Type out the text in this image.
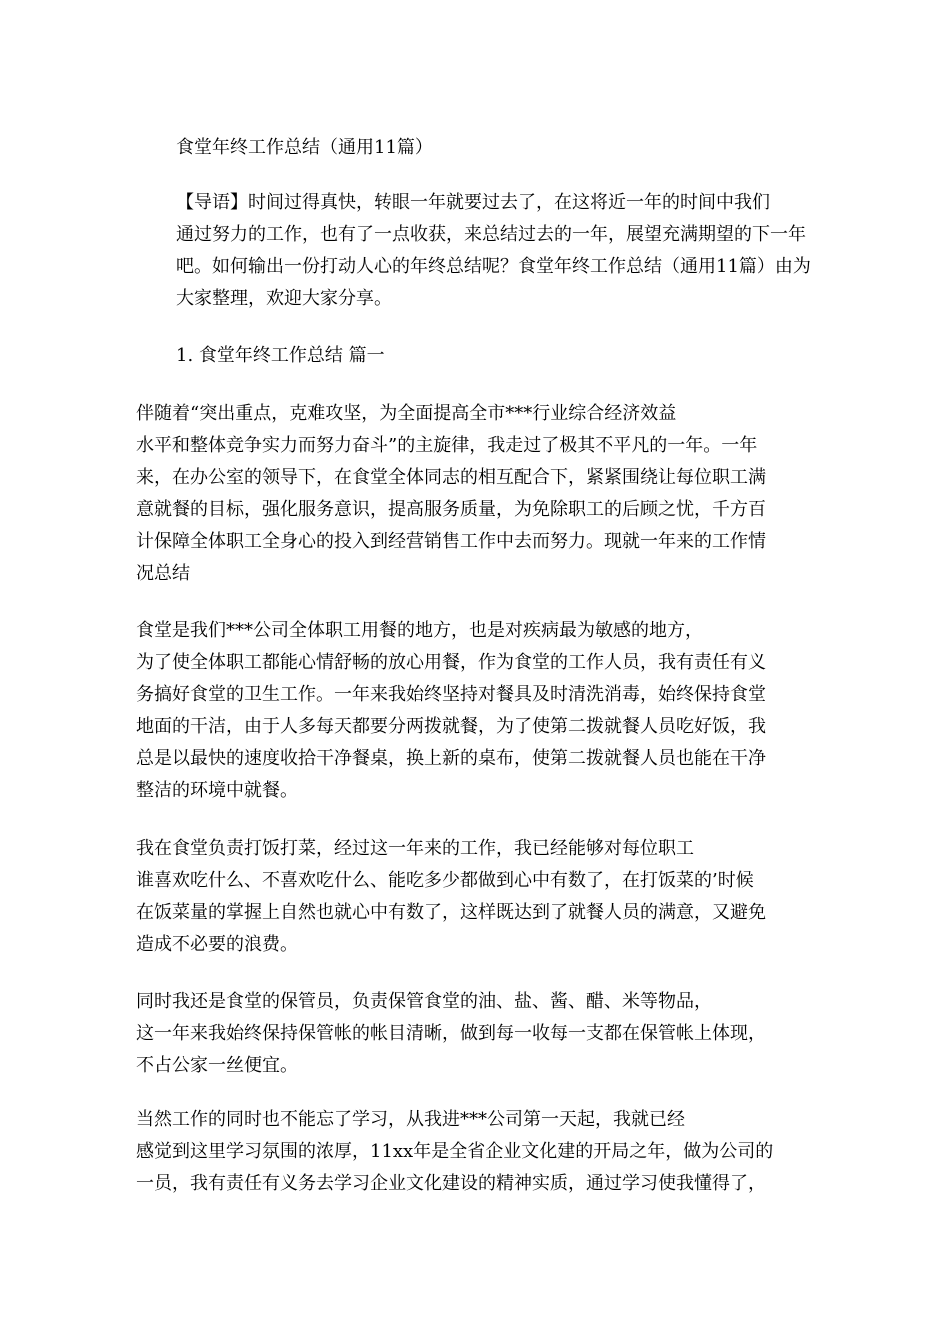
食堂年终工作总结（通用11篇）

【导语】时间过得真快，转眼一年就要过去了，在这将近一年的时间中我们
通过努力的工作，也有了一点收获，来总结过去的一年，展望充满期望的下一年
吧。如何输出一份打动人心的年终总结呢？食堂年终工作总结（通用11篇）由为
大家整理，欢迎大家分享。

1. 食堂年终工作总结 篇一

伴随着“突出重点，克难攻坚，为全面提高全市***行业综合经济效益
水平和整体竞争实力而努力奋斗”的主旋律，我走过了极其不平凡的一年。一年
来，在办公室的领导下，在食堂全体同志的相互配合下，紧紧围绕让每位职工满
意就餐的目标，强化服务意识，提高服务质量，为免除职工的后顾之忧，千方百
计保障全体职工全身心的投入到经营销售工作中去而努力。现就一年来的工作情
况总结

食堂是我们***公司全体职工用餐的地方，也是对疾病最为敏感的地方，
为了使全体职工都能心情舒畅的放心用餐，作为食堂的工作人员，我有责任有义
务搞好食堂的卫生工作。一年来我始终坚持对餐具及时清洗消毒，始终保持食堂
地面的干洁，由于人多每天都要分两拨就餐，为了使第二拨就餐人员吃好饭，我
总是以最快的速度收拾干净餐桌，换上新的桌布，使第二拨就餐人员也能在干净
整洁的环境中就餐。

我在食堂负责打饭打菜，经过这一年来的工作，我已经能够对每位职工
谁喜欢吃什么、不喜欢吃什么、能吃多少都做到心中有数了，在打饭菜的’时候
在饭菜量的掌握上自然也就心中有数了，这样既达到了就餐人员的满意，又避免
造成不必要的浪费。

同时我还是食堂的保管员，负责保管食堂的油、盐、酱、醋、米等物品，
这一年来我始终保持保管帐的帐目清晰，做到每一收每一支都在保管帐上体现，
不占公家一丝便宜。

当然工作的同时也不能忘了学习，从我进***公司第一天起，我就已经
感觉到这里学习氛围的浓厚，11xx年是全省企业文化建的开局之年，做为公司的
一员，我有责任有义务去学习企业文化建设的精神实质，通过学习使我懂得了，
